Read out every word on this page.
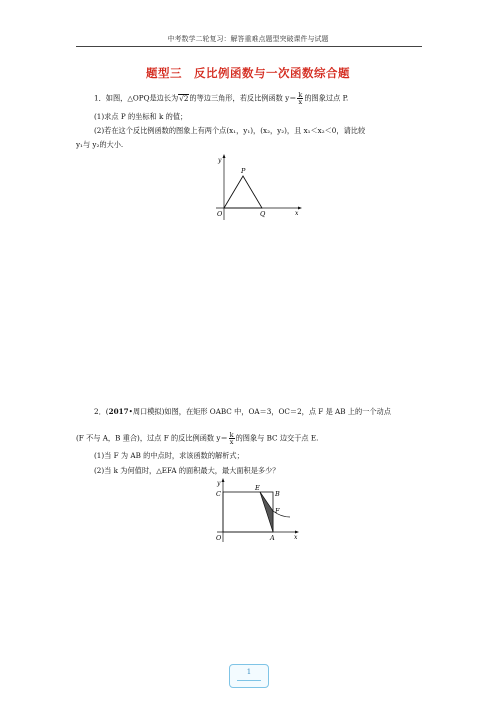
中考数学二轮复习：解答重难点题型突破课件与试题
题型三　反比例函数与一次函数综合题
1．如图，△OPQ是边长为√2的等边三角形，若反比例函数 $y= \frac{k}{x}$ 的图象过点 P.
(1)求点 P 的坐标和 k 的值；
(2)若在这个反比例函数的图象上有两个点(x₁，y₁)，(x₂，y₂)，且 x₁＜x₂＜0，请比较
y₁与 y₂的大小.
y
x
O
P
Q
2．(2017•周口模拟)如图，在矩形 OABC 中，OA＝3，OC＝2，点 F 是 AB 上的一个动点
(F 不与 A，B 重合)，过点 F 的反比例函数 $y= \frac{k}{x}$ 的图象与 BC 边交于点 E.
(1)当 F 为 AB 的中点时，求该函数的解析式；
(2)当 k 为何值时，△EFA 的面积最大，最大面积是多少？
y
x
O
C
E
B
F
A
1
